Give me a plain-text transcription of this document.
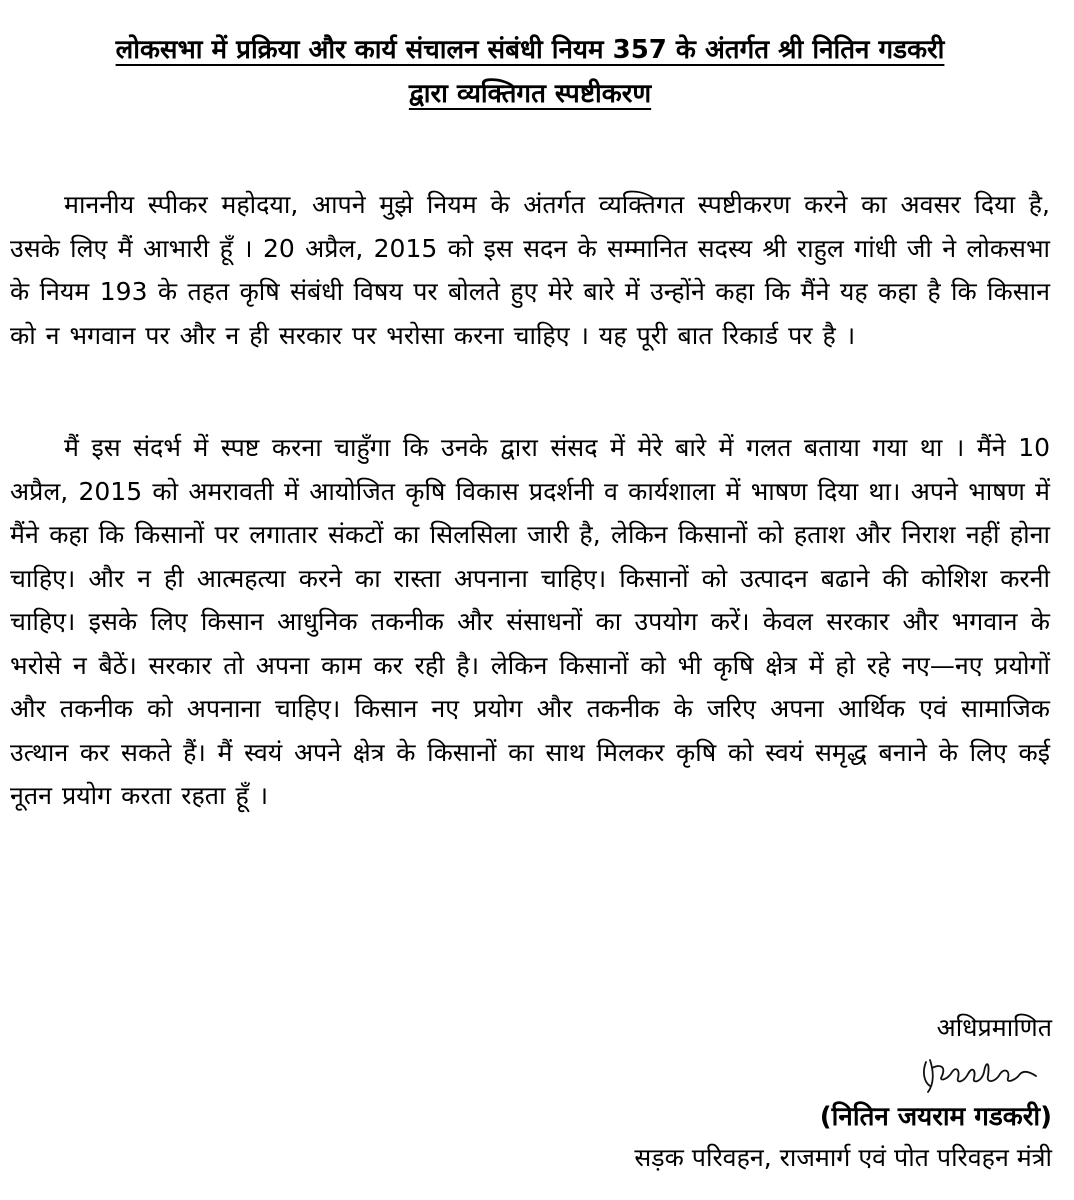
लोकसभा में प्रक्रिया और कार्य संचालन संबंधी नियम 357 के अंतर्गत श्री नितिन गडकरी

द्वारा व्यक्तिगत स्पष्टीकरण

माननीय स्पीकर महोदया, आपने मुझे नियम के अंतर्गत व्यक्तिगत स्पष्टीकरण करने का अवसर दिया है, उसके लिए मैं आभारी हूँ । 20 अप्रैल, 2015 को इस सदन के सम्मानित सदस्य श्री राहुल गांधी जी ने लोकसभा के नियम 193 के तहत कृषि संबंधी विषय पर बोलते हुए मेरे बारे में उन्होंने कहा कि मैंने यह कहा है कि किसान को न भगवान पर और न ही सरकार पर भरोसा करना चाहिए । यह पूरी बात रिकार्ड पर है ।

मैं इस संदर्भ में स्पष्ट करना चाहुँगा कि उनके द्वारा संसद में मेरे बारे में गलत बताया गया था । मैंने 10 अप्रैल, 2015 को अमरावती में आयोजित कृषि विकास प्रदर्शनी व कार्यशाला में भाषण दिया था। अपने भाषण में मैंने कहा कि किसानों पर लगातार संकटों का सिलसिला जारी है, लेकिन किसानों को हताश और निराश नहीं होना चाहिए। और न ही आत्महत्या करने का रास्ता अपनाना चाहिए। किसानों को उत्पादन बढाने की कोशिश करनी चाहिए। इसके लिए किसान आधुनिक तकनीक और संसाधनों का उपयोग करें। केवल सरकार और भगवान के भरोसे न बैठें। सरकार तो अपना काम कर रही है। लेकिन किसानों को भी कृषि क्षेत्र में हो रहे नए—नए प्रयोगों और तकनीक को अपनाना चाहिए। किसान नए प्रयोग और तकनीक के जरिए अपना आर्थिक एवं सामाजिक उत्थान कर सकते हैं। मैं स्वयं अपने क्षेत्र के किसानों का साथ मिलकर कृषि को स्वयं समृद्ध बनाने के लिए कई नूतन प्रयोग करता रहता हूँ ।

अधिप्रमाणित

(नितिन जयराम गडकरी)

सड़क परिवहन, राजमार्ग एवं पोत परिवहन मंत्री
